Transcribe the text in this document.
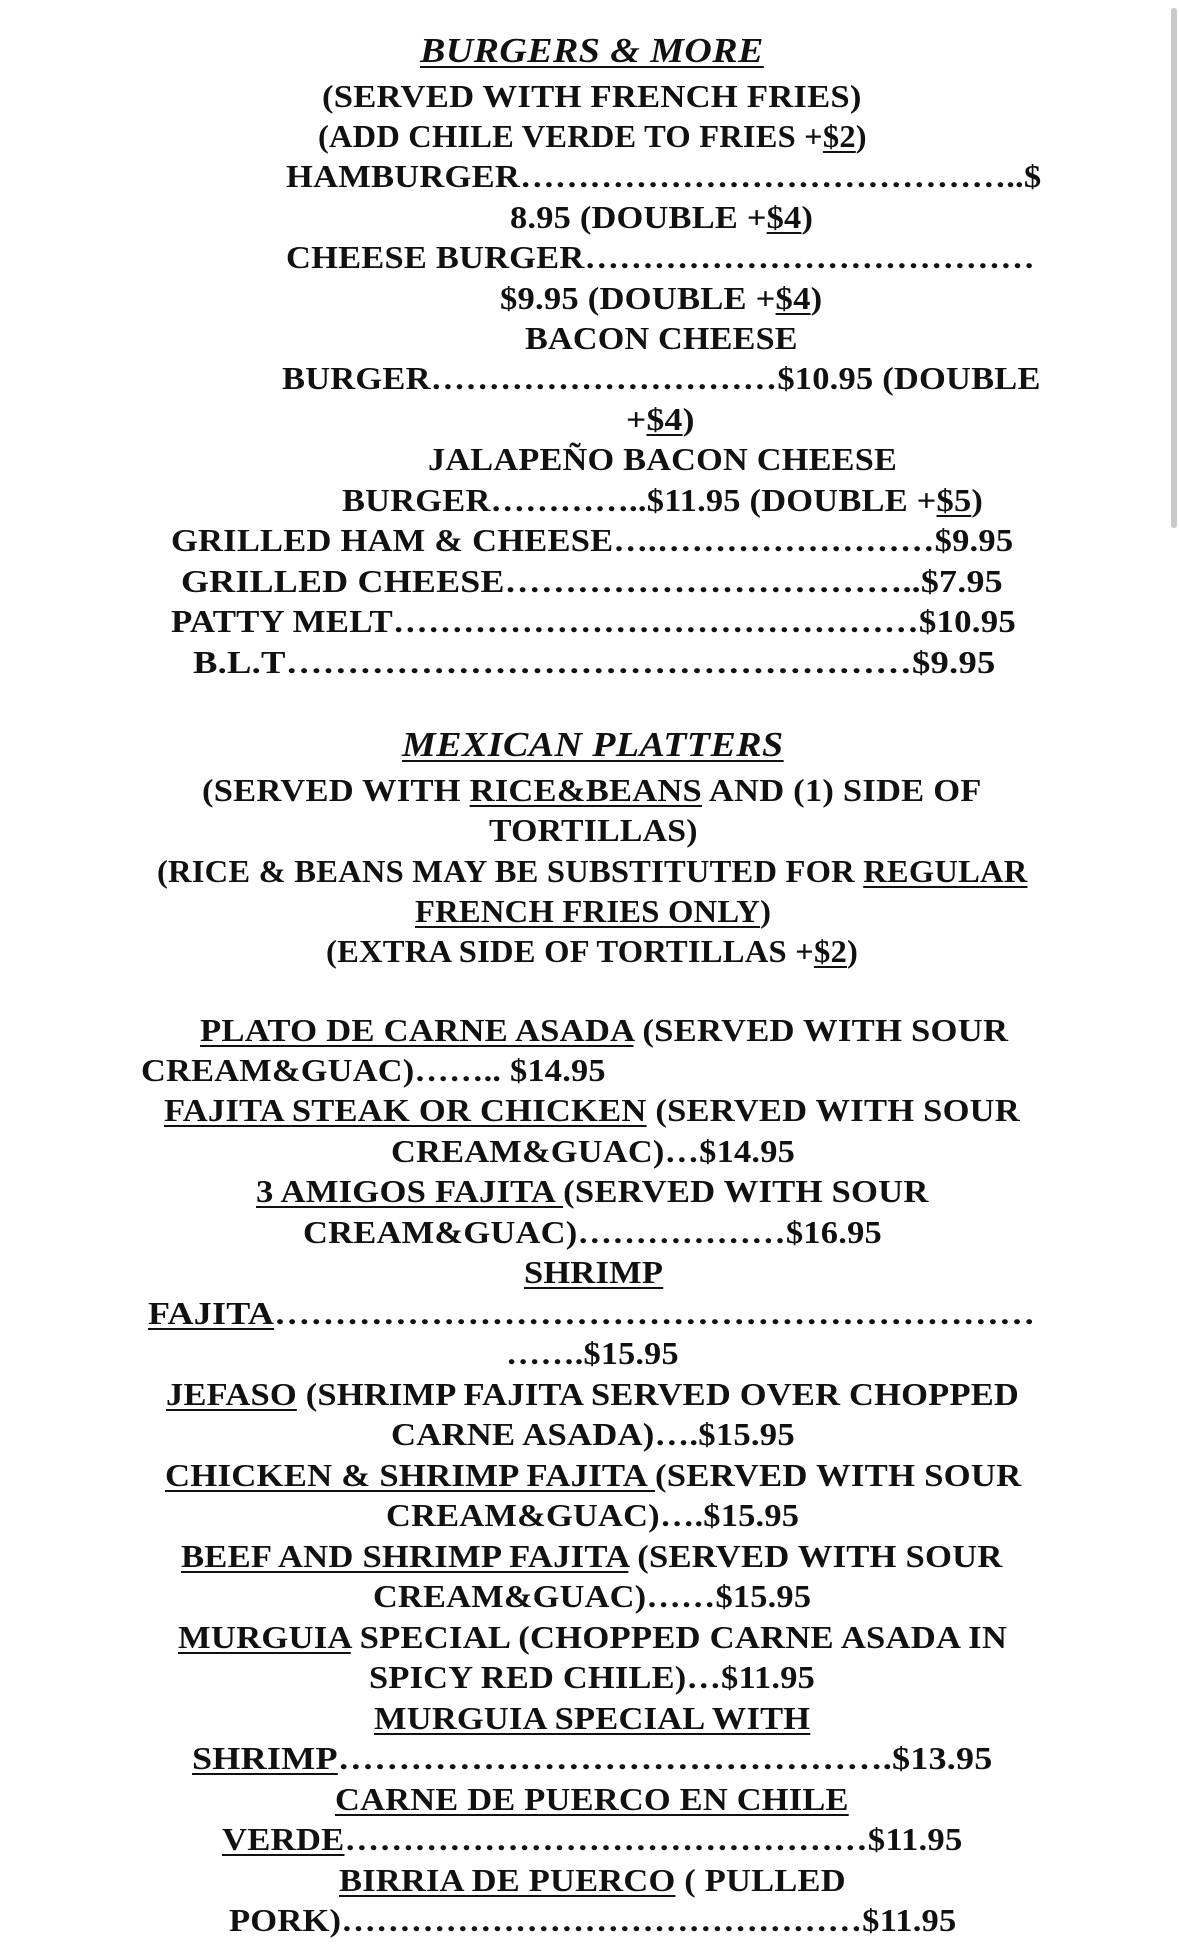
BURGERS & MORE
(SERVED WITH FRENCH FRIES)
(ADD CHILE VERDE TO FRIES +$2)
HAMBURGER……………………………………..$
8.95 (DOUBLE +$4)
CHEESE BURGER…………………………………
$9.95 (DOUBLE +$4)
BACON CHEESE
BURGER…………………………$10.95 (DOUBLE
+$4)
JALAPEÑO BACON CHEESE
BURGER…………..$11.95 (DOUBLE +$5)
GRILLED HAM & CHEESE….……………………$9.95
GRILLED CHEESE……………………………..$7.95
PATTY MELT………………………………………$10.95
B.L.T……………………………………………$9.95
MEXICAN PLATTERS
(SERVED WITH RICE&BEANS AND (1) SIDE OF
TORTILLAS)
(RICE & BEANS MAY BE SUBSTITUTED FOR REGULAR
FRENCH FRIES ONLY)
(EXTRA SIDE OF TORTILLAS +$2)
PLATO DE CARNE ASADA (SERVED WITH SOUR
CREAM&GUAC)…….. $14.95
FAJITA STEAK OR CHICKEN (SERVED WITH SOUR
CREAM&GUAC)…$14.95
3 AMIGOS FAJITA (SERVED WITH SOUR
CREAM&GUAC)………………$16.95
SHRIMP
FAJITA………………………………………………………
…….$15.95
JEFASO (SHRIMP FAJITA SERVED OVER CHOPPED
CARNE ASADA)….$15.95
CHICKEN & SHRIMP FAJITA (SERVED WITH SOUR
CREAM&GUAC)….$15.95
BEEF AND SHRIMP FAJITA (SERVED WITH SOUR
CREAM&GUAC)……$15.95
MURGUIA SPECIAL (CHOPPED CARNE ASADA IN
SPICY RED CHILE)…$11.95
MURGUIA SPECIAL WITH
SHRIMP……………………………………….$13.95
CARNE DE PUERCO EN CHILE
VERDE………………………………………$11.95
BIRRIA DE PUERCO ( PULLED
PORK)………………………………………$11.95
